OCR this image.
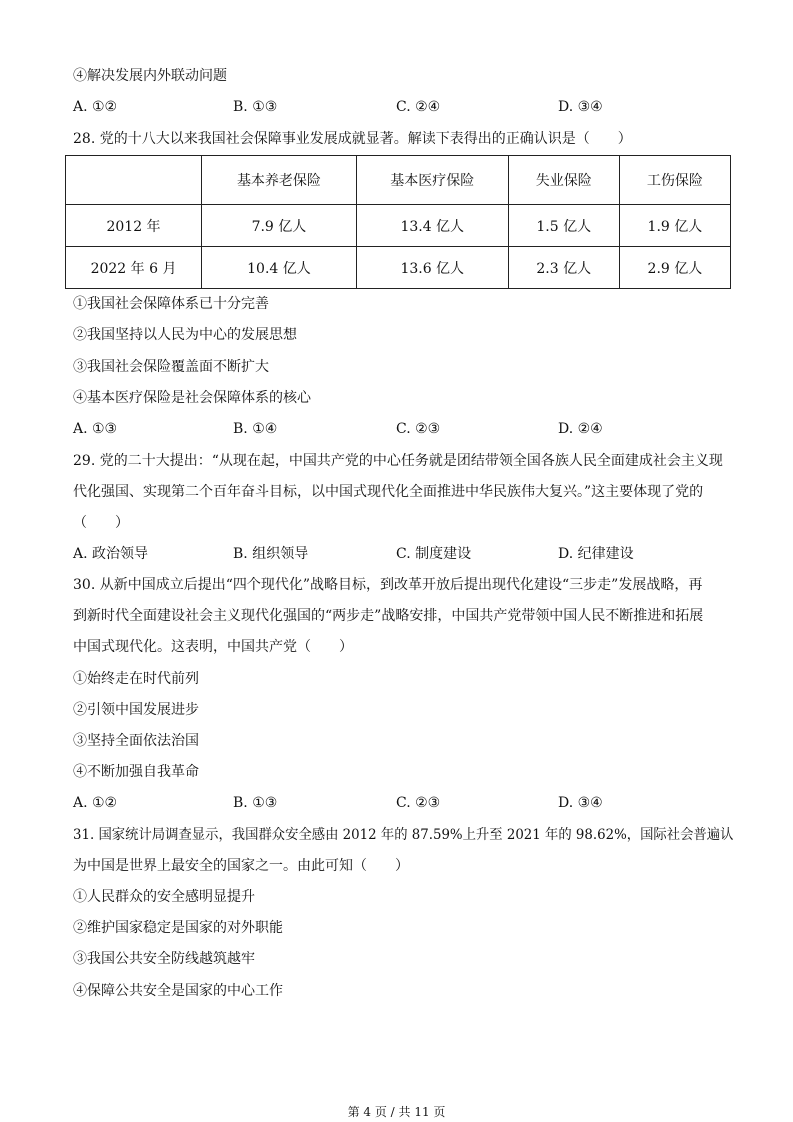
④解决发展内外联动问题
A. ①②	B. ①③	C. ②④	D. ③④
28. 党的十八大以来我国社会保障事业发展成就显著。解读下表得出的正确认识是（　　）
	基本养老保险	基本医疗保险	失业保险	工伤保险
2012 年	7.9 亿人	13.4 亿人	1.5 亿人	1.9 亿人
2022 年 6 月	10.4 亿人	13.6 亿人	2.3 亿人	2.9 亿人
①我国社会保障体系已十分完善
②我国坚持以人民为中心的发展思想
③我国社会保险覆盖面不断扩大
④基本医疗保险是社会保障体系的核心
A. ①③	B. ①④	C. ②③	D. ②④
29. 党的二十大提出：“从现在起，中国共产党的中心任务就是团结带领全国各族人民全面建成社会主义现
代化强国、实现第二个百年奋斗目标，以中国式现代化全面推进中华民族伟大复兴。”这主要体现了党的
（　　）
A. 政治领导	B. 组织领导	C. 制度建设	D. 纪律建设
30. 从新中国成立后提出“四个现代化”战略目标，到改革开放后提出现代化建设“三步走”发展战略，再
到新时代全面建设社会主义现代化强国的“两步走”战略安排，中国共产党带领中国人民不断推进和拓展
中国式现代化。这表明，中国共产党（　　）
①始终走在时代前列
②引领中国发展进步
③坚持全面依法治国
④不断加强自我革命
A. ①②	B. ①③	C. ②③	D. ③④
31. 国家统计局调查显示，我国群众安全感由 2012 年的 87.59%上升至 2021 年的 98.62%，国际社会普遍认
为中国是世界上最安全的国家之一。由此可知（　　）
②维护国家稳定是国家的对外职能
①人民群众的安全感明显提升
③我国公共安全防线越筑越牢
④保障公共安全是国家的中心工作
第 4 页 / 共 11 页
